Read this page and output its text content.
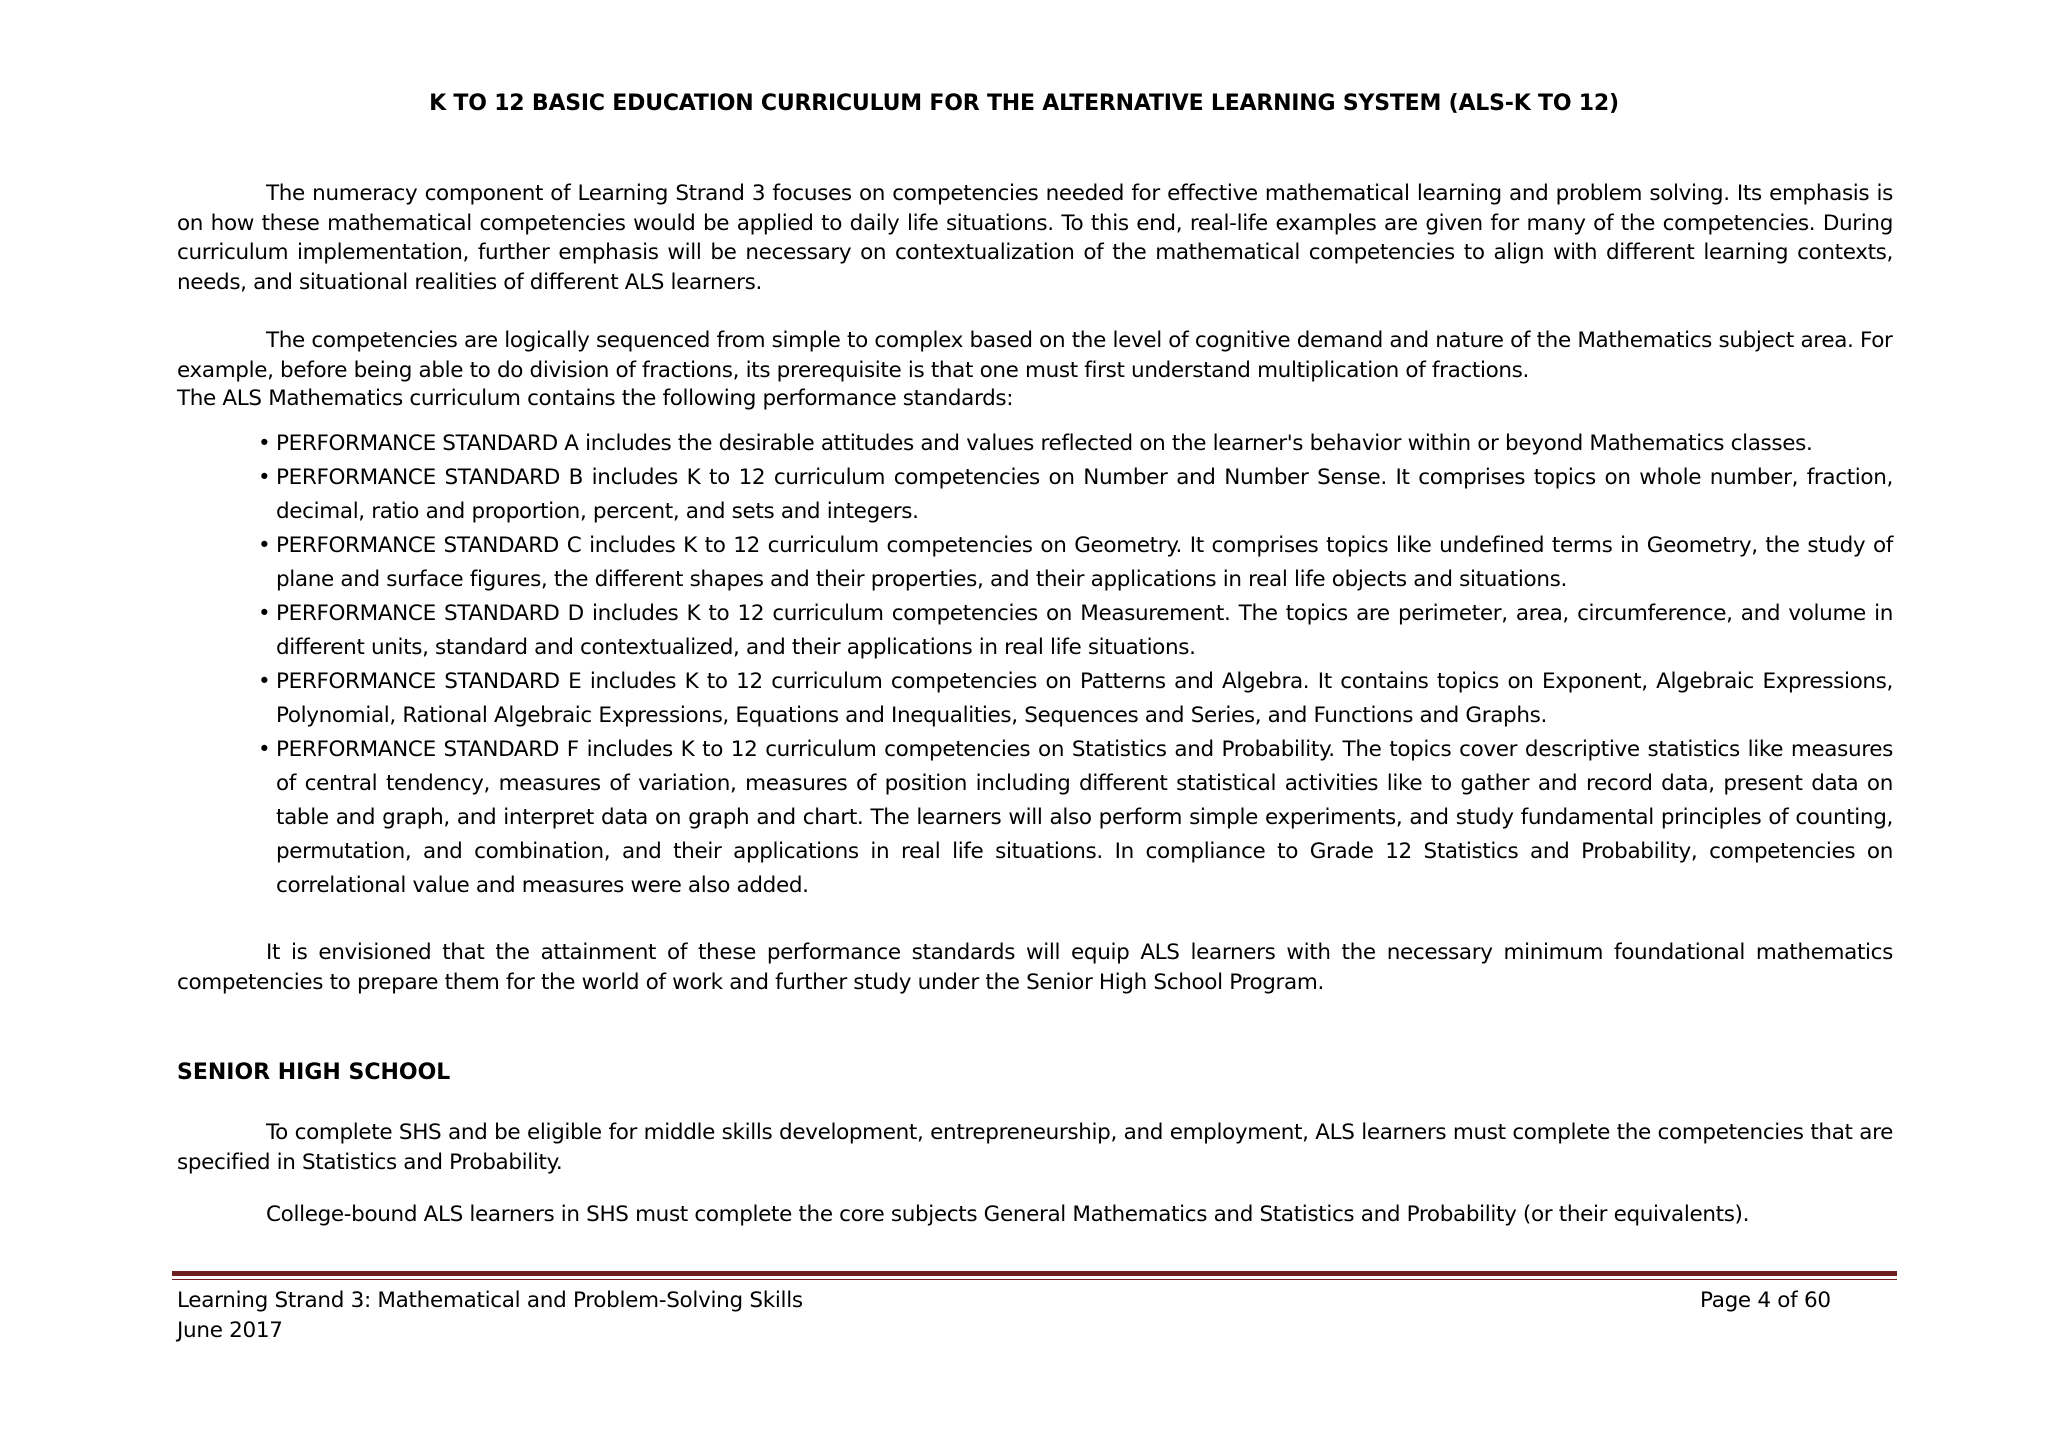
K TO 12 BASIC EDUCATION CURRICULUM FOR THE ALTERNATIVE LEARNING SYSTEM (ALS-K TO 12)
The numeracy component of Learning Strand 3 focuses on competencies needed for effective mathematical learning and problem solving. Its emphasis is on how these mathematical competencies would be applied to daily life situations. To this end, real-life examples are given for many of the competencies. During curriculum implementation, further emphasis will be necessary on contextualization of the mathematical competencies to align with different learning contexts, needs, and situational realities of different ALS learners.
The competencies are logically sequenced from simple to complex based on the level of cognitive demand and nature of the Mathematics subject area. For example, before being able to do division of fractions, its prerequisite is that one must first understand multiplication of fractions.
The ALS Mathematics curriculum contains the following performance standards:
• PERFORMANCE STANDARD A includes the desirable attitudes and values reflected on the learner's behavior within or beyond Mathematics classes.
• PERFORMANCE STANDARD B includes K to 12 curriculum competencies on Number and Number Sense. It comprises topics on whole number, fraction, decimal, ratio and proportion, percent, and sets and integers.
• PERFORMANCE STANDARD C includes K to 12 curriculum competencies on Geometry. It comprises topics like undefined terms in Geometry, the study of plane and surface figures, the different shapes and their properties, and their applications in real life objects and situations.
• PERFORMANCE STANDARD D includes K to 12 curriculum competencies on Measurement. The topics are perimeter, area, circumference, and volume in different units, standard and contextualized, and their applications in real life situations.
• PERFORMANCE STANDARD E includes K to 12 curriculum competencies on Patterns and Algebra. It contains topics on Exponent, Algebraic Expressions, Polynomial, Rational Algebraic Expressions, Equations and Inequalities, Sequences and Series, and Functions and Graphs.
• PERFORMANCE STANDARD F includes K to 12 curriculum competencies on Statistics and Probability. The topics cover descriptive statistics like measures of central tendency, measures of variation, measures of position including different statistical activities like to gather and record data, present data on table and graph, and interpret data on graph and chart. The learners will also perform simple experiments, and study fundamental principles of counting, permutation, and combination, and their applications in real life situations. In compliance to Grade 12 Statistics and Probability, competencies on correlational value and measures were also added.
It is envisioned that the attainment of these performance standards will equip ALS learners with the necessary minimum foundational mathematics competencies to prepare them for the world of work and further study under the Senior High School Program.
SENIOR HIGH SCHOOL
To complete SHS and be eligible for middle skills development, entrepreneurship, and employment, ALS learners must complete the competencies that are specified in Statistics and Probability.
College-bound ALS learners in SHS must complete the core subjects General Mathematics and Statistics and Probability (or their equivalents).
Learning Strand 3: Mathematical and Problem-Solving Skills
June 2017
Page 4 of 60
